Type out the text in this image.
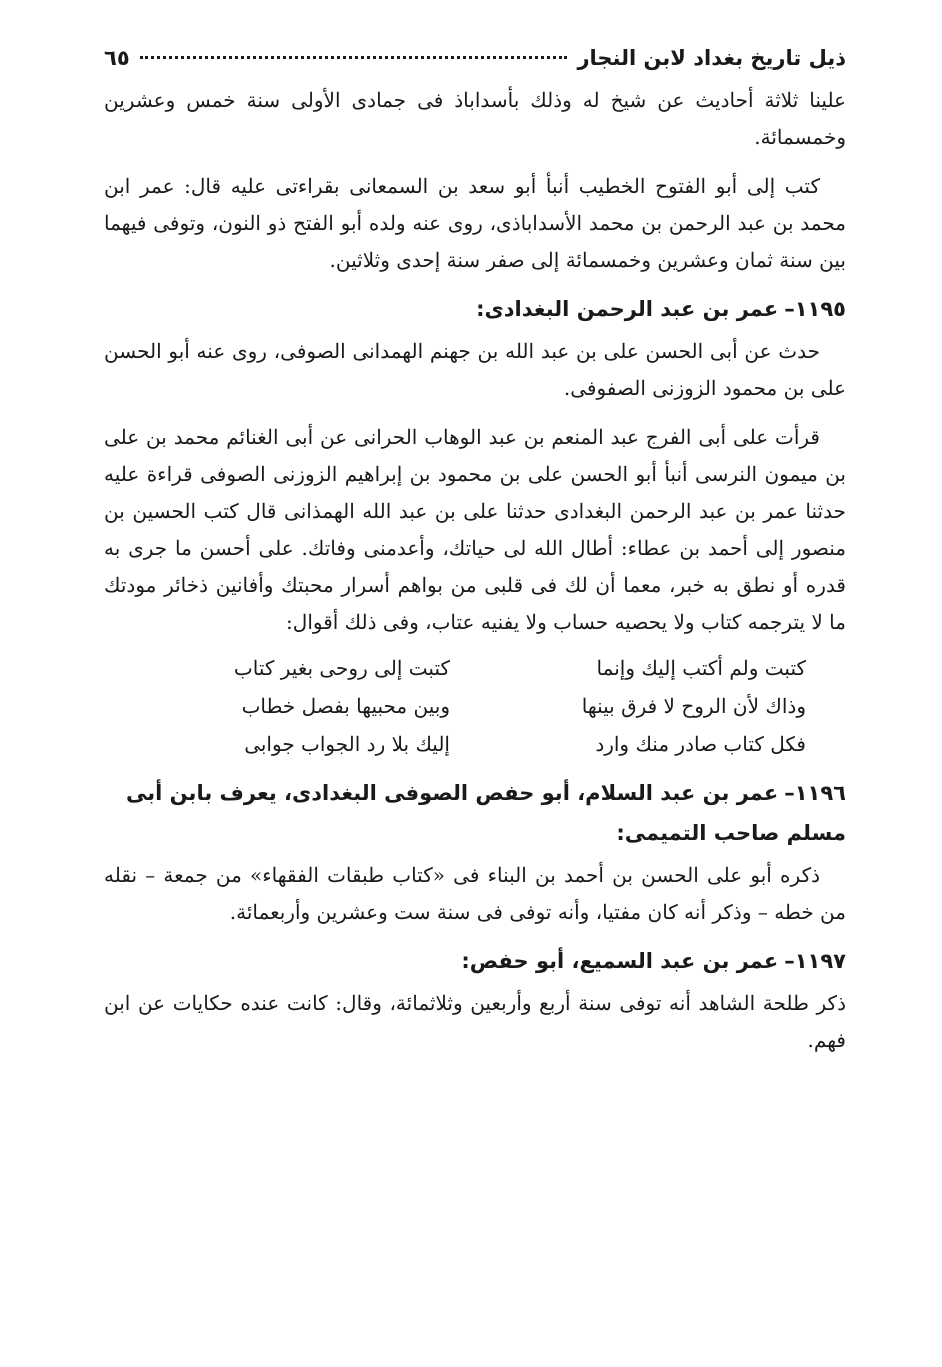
ذيل تاريخ بغداد لابن النجار
٦٥

علينا ثلاثة أحاديث عن شيخ له وذلك بأسداباذ فى جمادى الأولى سنة خمس وعشرين وخمسمائة.

كتب إلى أبو الفتوح الخطيب أنبأ أبو سعد بن السمعانى بقراءتى عليه قال: عمر ابن محمد بن عبد الرحمن بن محمد الأسداباذى، روى عنه ولده أبو الفتح ذو النون، وتوفى فيهما بين سنة ثمان وعشرين وخمسمائة إلى صفر سنة إحدى وثلاثين.

١١٩٥–عمر بن عبد الرحمن البغدادى:

حدث عن أبى الحسن على بن عبد الله بن جهنم الهمدانى الصوفى، روى عنه أبو الحسن على بن محمود الزوزنى الصفوفى.

قرأت على أبى الفرج عبد المنعم بن عبد الوهاب الحرانى عن أبى الغنائم محمد بن على بن ميمون النرسى أنبأ أبو الحسن على بن محمود بن إبراهيم الزوزنى الصوفى قراءة عليه حدثنا عمر بن عبد الرحمن البغدادى حدثنا على بن عبد الله الهمذانى قال كتب الحسين بن منصور إلى أحمد بن عطاء: أطال الله لى حياتك، وأعدمنى وفاتك. على أحسن ما جرى به قدره أو نطق به خبر، معما أن لك فى قلبى من بواهم أسرار محبتك وأفانين ذخائر مودتك ما لا يترجمه كتاب ولا يحصيه حساب ولا يفنيه عتاب، وفى ذلك أقوال:

كتبت ولم أكتب إليك وإنما
كتبت إلى روحى بغير كتاب
وذاك لأن الروح لا فرق بينها
وبين محبيها بفصل خطاب
فكل كتاب صادر منك وارد
إليك بلا رد الجواب جوابى
١١٩٦–عمر بن عبد السلام، أبو حفص الصوفى البغدادى، يعرف بابن أبى مسلم صاحب التميمى:

ذكره أبو على الحسن بن أحمد بن البناء فى «كتاب طبقات الفقهاء» من جمعة – نقله من خطه – وذكر أنه كان مفتيا، وأنه توفى فى سنة ست وعشرين وأربعمائة.

١١٩٧–عمر بن عبد السميع، أبو حفص:

ذكر طلحة الشاهد أنه توفى سنة أربع وأربعين وثلاثمائة، وقال: كانت عنده حكايات عن ابن فهم.
